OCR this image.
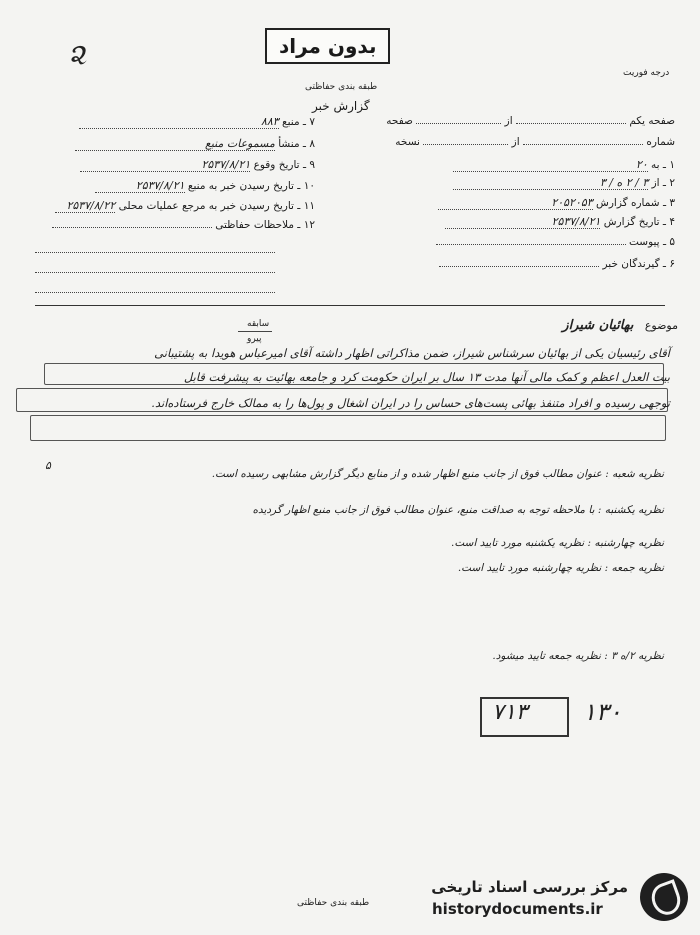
૨	بدون مراد
طبقه بندی حفاظتی
گزارش خبر
درجه فوریت
صفحه یکم  از  صفحه
شماره  از  نسخه
۱ ـ به ۲۰
۲ ـ از ۳ / ۲ ه / ۳
۳ ـ شماره گزارش ۲۰۵۲۰۵۳
۴ ـ تاریخ گزارش ۲۵۳۷/۸/۲۱
۵ ـ پیوست
۶ ـ گیرندگان خبر
۷ ـ منبع ۸۸۳
۸ ـ منشأ مسموعات منبع
۹ ـ تاریخ وقوع ۲۵۳۷/۸/۲۱
۱۰ ـ تاریخ رسیدن خبر به منبع ۲۵۳۷/۸/۲۱
۱۱ ـ تاریخ رسیدن خبر به مرجع عملیات محلی ۲۵۳۷/۸/۲۲
۱۲ ـ ملاحظات حفاظتی
سابقه
پیرو
موضوع بهائیان شیراز
آقای رئیسیان یکی از بهائیان سرشناس شیراز، ضمن مذاکراتی اظهار داشته آقای امیرعباس هویدا به پشتیبانی
بیت العدل اعظم و کمک مالی آنها مدت ۱۳ سال بر ایران حکومت کرد و جامعه بهائیت به پیشرفت قابل
توجهی رسیده و افراد متنفذ بهائی پست‌های حساس را در ایران اشغال و پول‌ها را به ممالک خارج فرستاده‌اند.
۵
نظریه شعبه : عنوان مطالب فوق از جانب منبع اظهار شده و از منابع دیگر گزارش مشابهی رسیده است.
نظریه یکشنبه : با ملاحظه توجه به صداقت منبع، عنوان مطالب فوق از جانب منبع اظهار گردیده
نظریه چهارشنبه : نظریه یکشنبه مورد تایید است.
نظریه جمعه : نظریه چهارشنبه مورد تایید است.
نظریه ۲/ه ۳ : نظریه جمعه تایید میشود.
۱۳۰
۷۱۳
طبقه بندی حفاظتی
مرکز بررسی اسناد تاریخی
historydocuments.ir
